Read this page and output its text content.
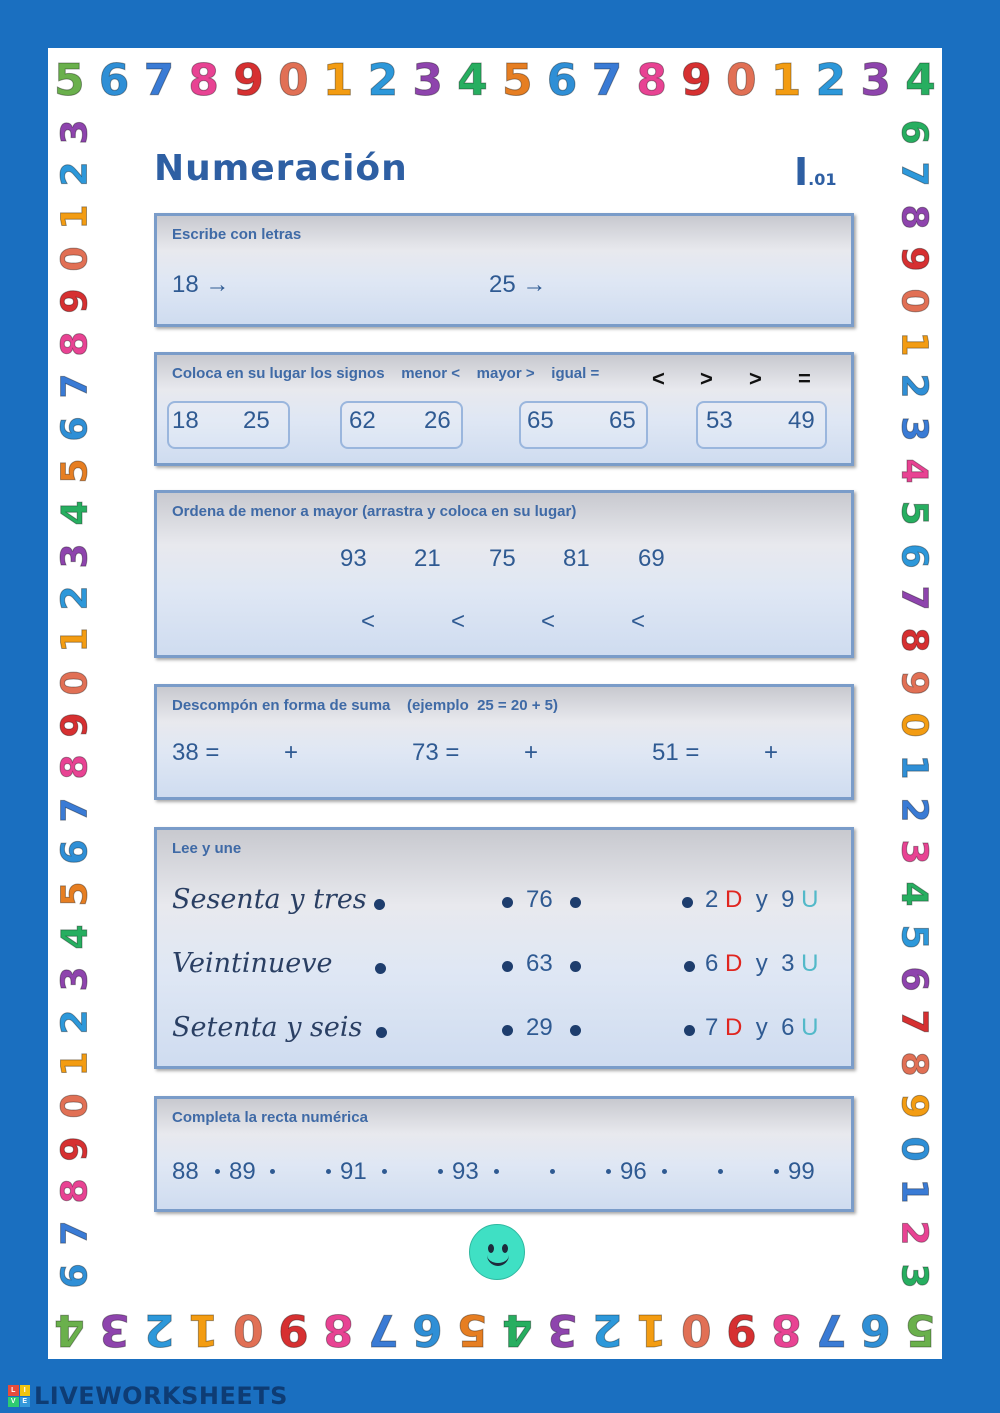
5 6 7 8 9 0 1 2 3 4 5 6 7 8 9 0 1 2 3 4
4 3 2 1 0 9 8 7 6 5 4 3 2 1 0 9 8 7 6 5
3
2
1
0
9
8
7
6
5
4
3
2
1
0
9
8
7
6
5
4
3
2
1
0
9
8
7
6
6
7
8
9
0
1
2
3
4
5
6
7
8
9
0
1
2
3
4
5
6
7
8
9
0
1
2
3
Numeración	I.01
Escribe con letras
18 →	25 →
Coloca en su lugar los signos    menor <    mayor >    igual = < > > =
18 25	62 26	65 65	53 49
Ordena de menor a mayor (arrastra y coloca en su lugar)
93 21 75 81 69
<	<	<	<
Descompón en forma de suma    (ejemplo  25 = 20 + 5)
38 =	+	73 =	+	51 =	+
Lee y une
Sesenta y tres	76	2 D y 9 U
Veintinueve	63	6 D y 3 U
Setenta y seis	29	7 D y 6 U
Completa la recta numérica
88 89	91	93	96	99
L	I
V E LIVEWORKSHEETS
